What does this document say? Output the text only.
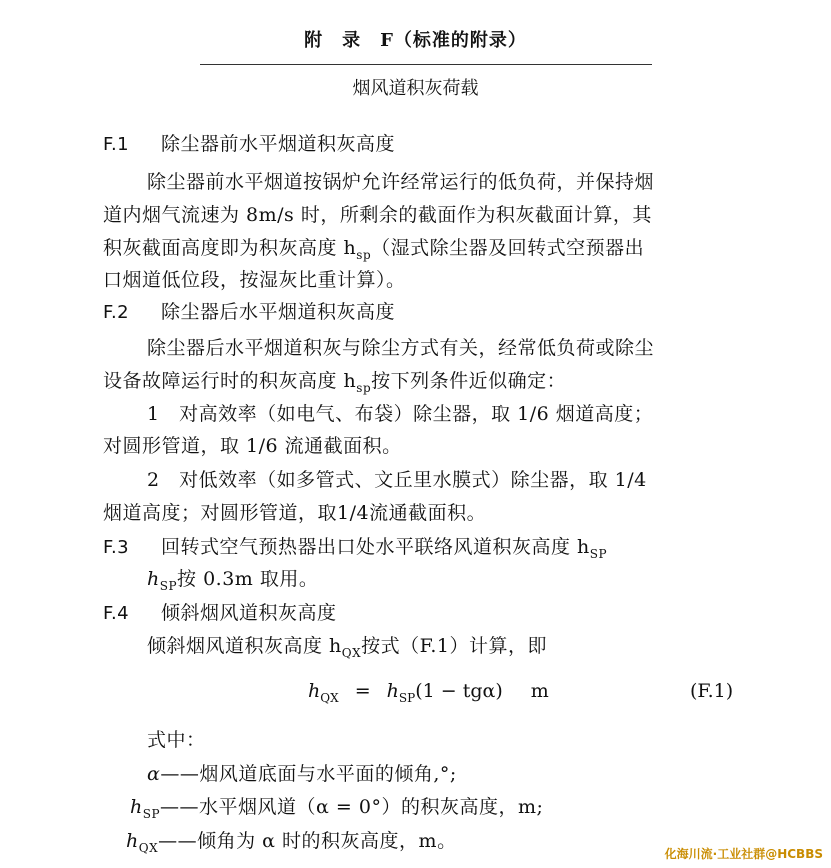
附　录　F（标准的附录）
烟风道积灰荷载
F.1 除尘器前水平烟道积灰高度
除尘器前水平烟道按锅炉允许经常运行的低负荷，并保持烟
道内烟气流速为 8m/s 时，所剩余的截面作为积灰截面计算，其
积灰截面高度即为积灰高度 $h_{sp}$（湿式除尘器及回转式空预器出
口烟道低位段，按湿灰比重计算）。
F.2 除尘器后水平烟道积灰高度
除尘器后水平烟道积灰与除尘方式有关，经常低负荷或除尘
设备故障运行时的积灰高度 $h_{sp}$按下列条件近似确定：
1　对高效率（如电气、布袋）除尘器，取 1/6 烟道高度；
对圆形管道，取 1/6 流通截面积。
2　对低效率（如多管式、文丘里水膜式）除尘器，取 1/4
烟道高度；对圆形管道，取1/4流通截面积。
F.3 回转式空气预热器出口处水平联络风道积灰高度 $h_{SP}$
$h_{SP}$按 0.3m 取用。
F.4 倾斜烟风道积灰高度
倾斜烟风道积灰高度 $h_{QX}$按式（F.1）计算，即
$h_{QX} = h_{SP}(1 - tg\alpha)$ m	(F.1)
式中：
α——烟风道底面与水平面的倾角,°;
$h_{SP}——$水平烟风道（α = 0°）的积灰高度，m;
$h_{QX}——$倾角为 α 时的积灰高度，m。
化海川流·工业社群@HCBBS
